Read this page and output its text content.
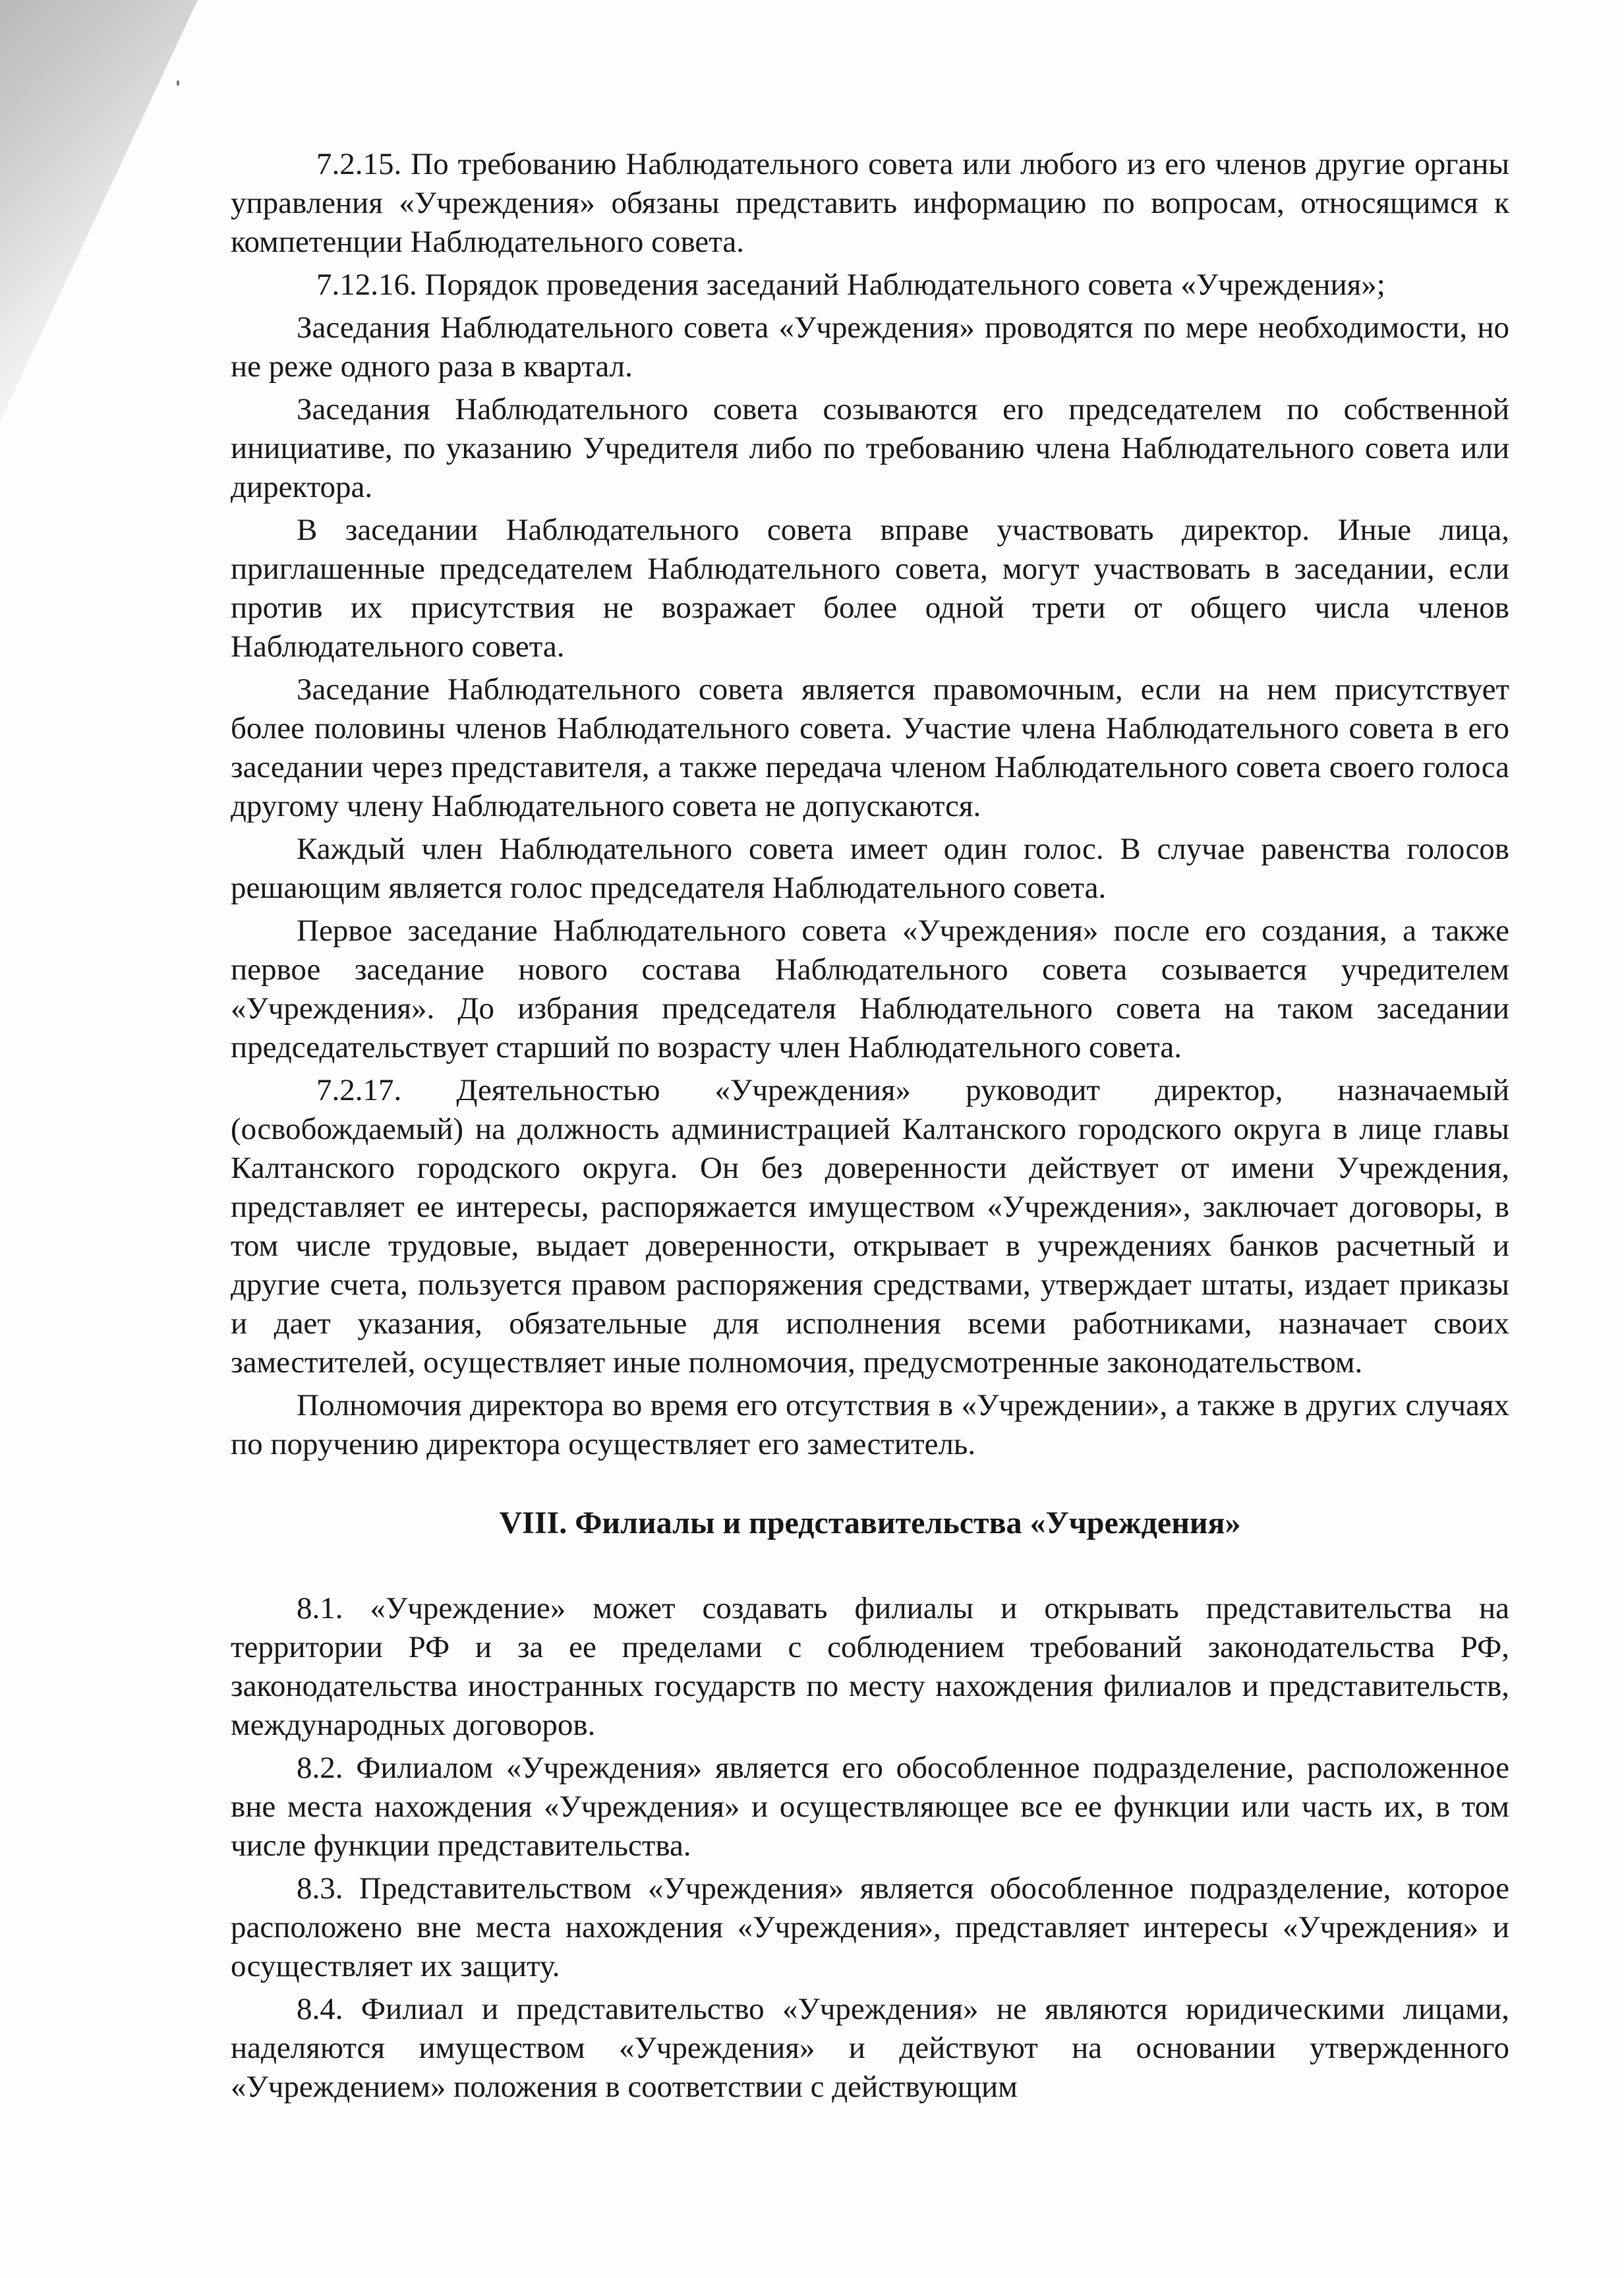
7.2.15. По требованию Наблюдательного совета или любого из его членов другие органы управления «Учреждения» обязаны представить информацию по вопросам, относящимся к компетенции Наблюдательного совета.

7.12.16. Порядок проведения заседаний Наблюдательного совета «Учреждения»;

Заседания Наблюдательного совета «Учреждения» проводятся по мере необходимости, но не реже одного раза в квартал.

Заседания Наблюдательного совета созываются его председателем по собственной инициативе, по указанию Учредителя либо по требованию члена Наблюдательного совета или директора.

В заседании Наблюдательного совета вправе участвовать директор. Иные лица, приглашенные председателем Наблюдательного совета, могут участвовать в заседании, если против их присутствия не возражает более одной трети от общего числа членов Наблюдательного совета.

Заседание Наблюдательного совета является правомочным, если на нем присутствует более половины членов Наблюдательного совета. Участие члена Наблюдательного совета в его заседании через представителя, а также передача членом Наблюдательного совета своего голоса другому члену Наблюдательного совета не допускаются.

Каждый член Наблюдательного совета имеет один голос. В случае равенства голосов решающим является голос председателя Наблюдательного совета.

Первое заседание Наблюдательного совета «Учреждения» после его создания, а также первое заседание нового состава Наблюдательного совета созывается учредителем «Учреждения». До избрания председателя Наблюдательного совета на таком заседании председательствует старший по возрасту член Наблюдательного совета.

7.2.17. Деятельностью «Учреждения» руководит директор, назначаемый (освобождаемый) на должность администрацией Калтанского городского округа в лице главы Калтанского городского округа. Он без доверенности действует от имени Учреждения, представляет ее интересы, распоряжается имуществом «Учреждения», заключает договоры, в том числе трудовые, выдает доверенности, открывает в учреждениях банков расчетный и другие счета, пользуется правом распоряжения средствами, утверждает штаты, издает приказы и дает указания, обязательные для исполнения всеми работниками, назначает своих заместителей, осуществляет иные полномочия, предусмотренные законодательством.

Полномочия директора во время его отсутствия в «Учреждении», а также в других случаях по поручению директора осуществляет его заместитель.

VIII. Филиалы и представительства «Учреждения»

8.1. «Учреждение» может создавать филиалы и открывать представительства на территории РФ и за ее пределами с соблюдением требований законодательства РФ, законодательства иностранных государств по месту нахождения филиалов и представительств, международных договоров.

8.2. Филиалом «Учреждения» является его обособленное подразделение, расположенное вне места нахождения «Учреждения» и осуществляющее все ее функции или часть их, в том числе функции представительства.

8.3. Представительством «Учреждения» является обособленное подразделение, которое расположено вне места нахождения «Учреждения», представляет интересы «Учреждения» и осуществляет их защиту.

8.4. Филиал и представительство «Учреждения» не являются юридическими лицами, наделяются имуществом «Учреждения» и действуют на основании утвержденного «Учреждением» положения в соответствии с действующим
